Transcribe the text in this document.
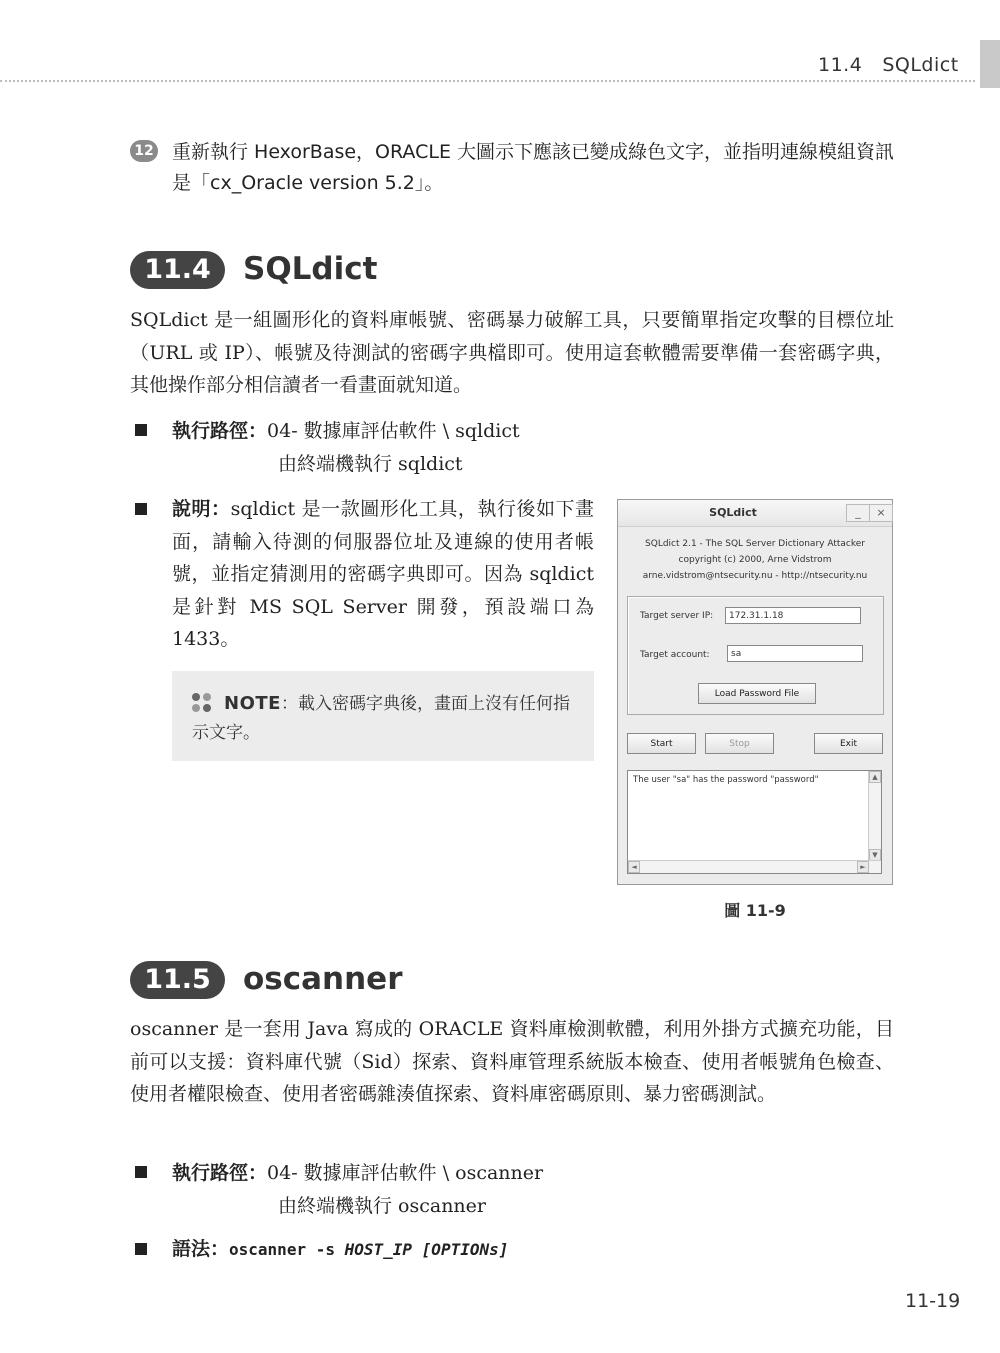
11.4 SQLdict
12 重新執行 HexorBase，ORACLE 大圖示下應該已變成綠色文字，並指明連線模組資訊是「cx_Oracle version 5.2」。
11.4	SQLdict
SQLdict 是一組圖形化的資料庫帳號、密碼暴力破解工具，只要簡單指定攻擊的目標位址（URL 或 IP）、帳號及待測試的密碼字典檔即可。使用這套軟體需要準備一套密碼字典，其他操作部分相信讀者一看畫面就知道。
執行路徑：04- 數據庫評估軟件 \ sqldict
由終端機執行 sqldict
說明：sqldict 是一款圖形化工具，執行後如下畫面，請輸入待測的伺服器位址及連線的使用者帳號，並指定猜測用的密碼字典即可。因為 sqldict 是針對 MS SQL Server 開發，預設端口為 1433。
NOTE：載入密碼字典後，畫面上沒有任何指示文字。
SQLdict	_	×
SQLdict 2.1 - The SQL Server Dictionary Attacker
copyright (c) 2000, Arne Vidstrom
arne.vidstrom@ntsecurity.nu - http://ntsecurity.nu
Target server IP:	172.31.1.18
Target account:	sa
Load Password File
Start	Stop	Exit
The user "sa" has the password "password"	▲
▼
◄	►
圖 11-9
11.5	oscanner
oscanner 是一套用 Java 寫成的 ORACLE 資料庫檢測軟體，利用外掛方式擴充功能，目前可以支援：資料庫代號（Sid）探索、資料庫管理系統版本檢查、使用者帳號角色檢查、使用者權限檢查、使用者密碼雜湊值探索、資料庫密碼原則、暴力密碼測試。
執行路徑：04- 數據庫評估軟件 \ oscanner
由終端機執行 oscanner
語法：oscanner -s HOST_IP [OPTIONs]
11-19
